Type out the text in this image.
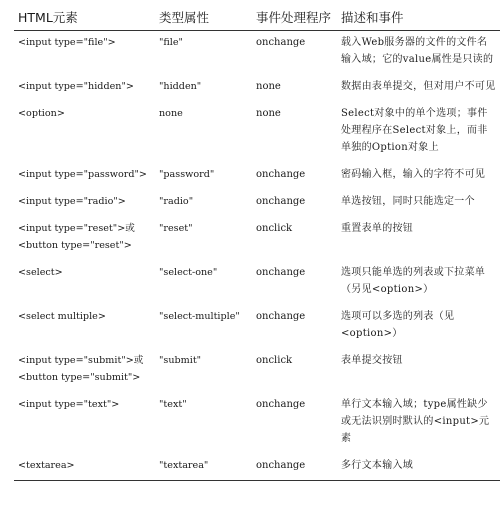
HTML元素	类型属性	事件处理程序	描述和事件
<input type="file">	"file"	onchange	载入Web服务器的文件的文件名输入域；它的value属性是只读的
<input type="hidden">	"hidden"	none	数据由表单提交，但对用户不可见
<option>	none	none	Select对象中的单个选项；事件处理程序在Select对象上，而非单独的Option对象上
<input type="password">	"password"	onchange	密码输入框，输入的字符不可见
<input type="radio">	"radio"	onchange	单选按钮，同时只能选定一个
<input type="reset">或<button type="reset">	"reset"	onclick	重置表单的按钮
<select>	"select-one"	onchange	选项只能单选的列表或下拉菜单（另见<option>）
<select multiple>	"select-multiple"	onchange	选项可以多选的列表（见<option>）
<input type="submit">或<button type="submit">	"submit"	onclick	表单提交按钮
<input type="text">	"text"	onchange	单行文本输入域；type属性缺少或无法识别时默认的<input>元素
<textarea>	"textarea"	onchange	多行文本输入域
